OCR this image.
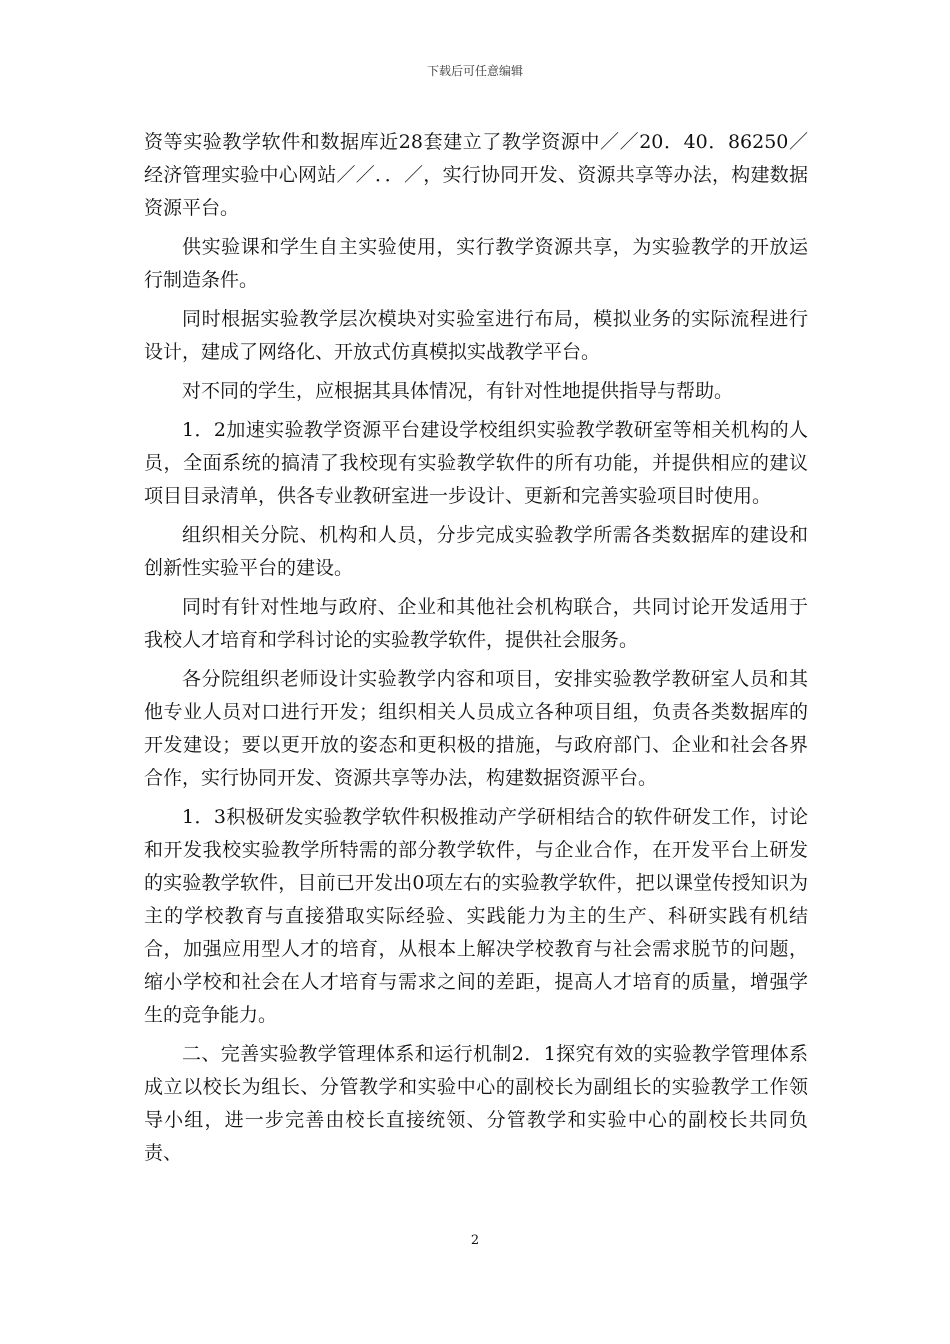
下载后可任意编辑

资等实验教学软件和数据库近28套建立了教学资源中／／20．40．86250／经济管理实验中心网站／／．．／，实行协同开发、资源共享等办法，构建数据资源平台。

供实验课和学生自主实验使用，实行教学资源共享，为实验教学的开放运行制造条件。

同时根据实验教学层次模块对实验室进行布局，模拟业务的实际流程进行设计，建成了网络化、开放式仿真模拟实战教学平台。

对不同的学生，应根据其具体情况，有针对性地提供指导与帮助。

1．2加速实验教学资源平台建设学校组织实验教学教研室等相关机构的人员，全面系统的搞清了我校现有实验教学软件的所有功能，并提供相应的建议项目目录清单，供各专业教研室进一步设计、更新和完善实验项目时使用。

组织相关分院、机构和人员，分步完成实验教学所需各类数据库的建设和创新性实验平台的建设。

同时有针对性地与政府、企业和其他社会机构联合，共同讨论开发适用于我校人才培育和学科讨论的实验教学软件，提供社会服务。

各分院组织老师设计实验教学内容和项目，安排实验教学教研室人员和其他专业人员对口进行开发；组织相关人员成立各种项目组，负责各类数据库的开发建设；要以更开放的姿态和更积极的措施，与政府部门、企业和社会各界合作，实行协同开发、资源共享等办法，构建数据资源平台。

1．3积极研发实验教学软件积极推动产学研相结合的软件研发工作，讨论和开发我校实验教学所特需的部分教学软件，与企业合作，在开发平台上研发的实验教学软件，目前已开发出0项左右的实验教学软件，把以课堂传授知识为主的学校教育与直接猎取实际经验、实践能力为主的生产、科研实践有机结合，加强应用型人才的培育，从根本上解决学校教育与社会需求脱节的问题，缩小学校和社会在人才培育与需求之间的差距，提高人才培育的质量，增强学生的竞争能力。

二、完善实验教学管理体系和运行机制2．1探究有效的实验教学管理体系成立以校长为组长、分管教学和实验中心的副校长为副组长的实验教学工作领导小组，进一步完善由校长直接统领、分管教学和实验中心的副校长共同负责、

2
